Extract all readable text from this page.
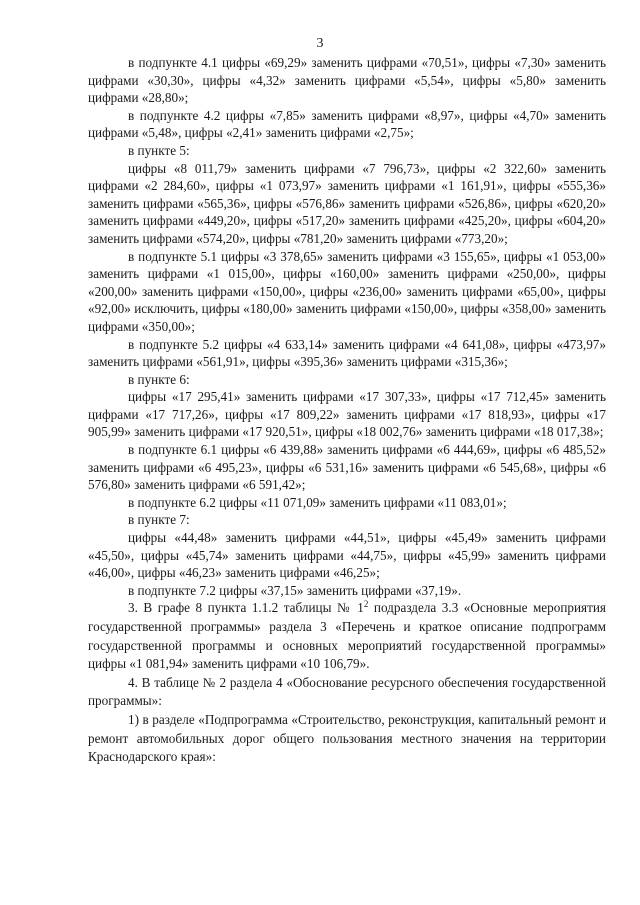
3

в подпункте 4.1 цифры «69,29» заменить цифрами «70,51», цифры «7,30» заменить цифрами «30,30», цифры «4,32» заменить цифрами «5,54», цифры «5,80» заменить цифрами «28,80»;

в подпункте 4.2 цифры «7,85» заменить цифрами «8,97», цифры «4,70» заменить цифрами «5,48», цифры «2,41» заменить цифрами «2,75»;

в пункте 5:

цифры «8 011,79» заменить цифрами «7 796,73», цифры «2 322,60» заменить цифрами «2 284,60», цифры «1 073,97» заменить цифрами «1 161,91», цифры «555,36» заменить цифрами «565,36», цифры «576,86» заменить цифрами «526,86», цифры «620,20» заменить цифрами «449,20», цифры «517,20» заменить цифрами «425,20», цифры «604,20» заменить цифрами «574,20», цифры «781,20» заменить цифрами «773,20»;

в подпункте 5.1 цифры «3 378,65» заменить цифрами «3 155,65», цифры «1 053,00» заменить цифрами «1 015,00», цифры «160,00» заменить цифрами «250,00», цифры «200,00» заменить цифрами «150,00», цифры «236,00» заменить цифрами «65,00», цифры «92,00» исключить, цифры «180,00» заменить цифрами «150,00», цифры «358,00» заменить цифрами «350,00»;

в подпункте 5.2 цифры «4 633,14» заменить цифрами «4 641,08», цифры «473,97» заменить цифрами «561,91», цифры «395,36» заменить цифрами «315,36»;

в пункте 6:

цифры «17 295,41» заменить цифрами «17 307,33», цифры «17 712,45» заменить цифрами «17 717,26», цифры «17 809,22» заменить цифрами «17 818,93», цифры «17 905,99» заменить цифрами «17 920,51», цифры «18 002,76» заменить цифрами «18 017,38»;

в подпункте 6.1 цифры «6 439,88» заменить цифрами «6 444,69», цифры «6 485,52» заменить цифрами «6 495,23», цифры «6 531,16» заменить цифрами «6 545,68», цифры «6 576,80» заменить цифрами «6 591,42»;

в подпункте 6.2 цифры «11 071,09» заменить цифрами «11 083,01»;

в пункте 7:

цифры «44,48» заменить цифрами «44,51», цифры «45,49» заменить цифрами «45,50», цифры «45,74» заменить цифрами «44,75», цифры «45,99» заменить цифрами «46,00», цифры «46,23» заменить цифрами «46,25»;

в подпункте 7.2 цифры «37,15» заменить цифрами «37,19».

3. В графе 8 пункта 1.1.2 таблицы № $1^2$ подраздела 3.3 «Основные мероприятия государственной программы» раздела 3 «Перечень и краткое описание подпрограмм государственной программы и основных мероприятий государственной программы» цифры «1 081,94» заменить цифрами «10 106,79».

4. В таблице № 2 раздела 4 «Обоснование ресурсного обеспечения государственной программы»:

1) в разделе «Подпрограмма «Строительство, реконструкция, капитальный ремонт и ремонт автомобильных дорог общего пользования местного значения на территории Краснодарского края»:
